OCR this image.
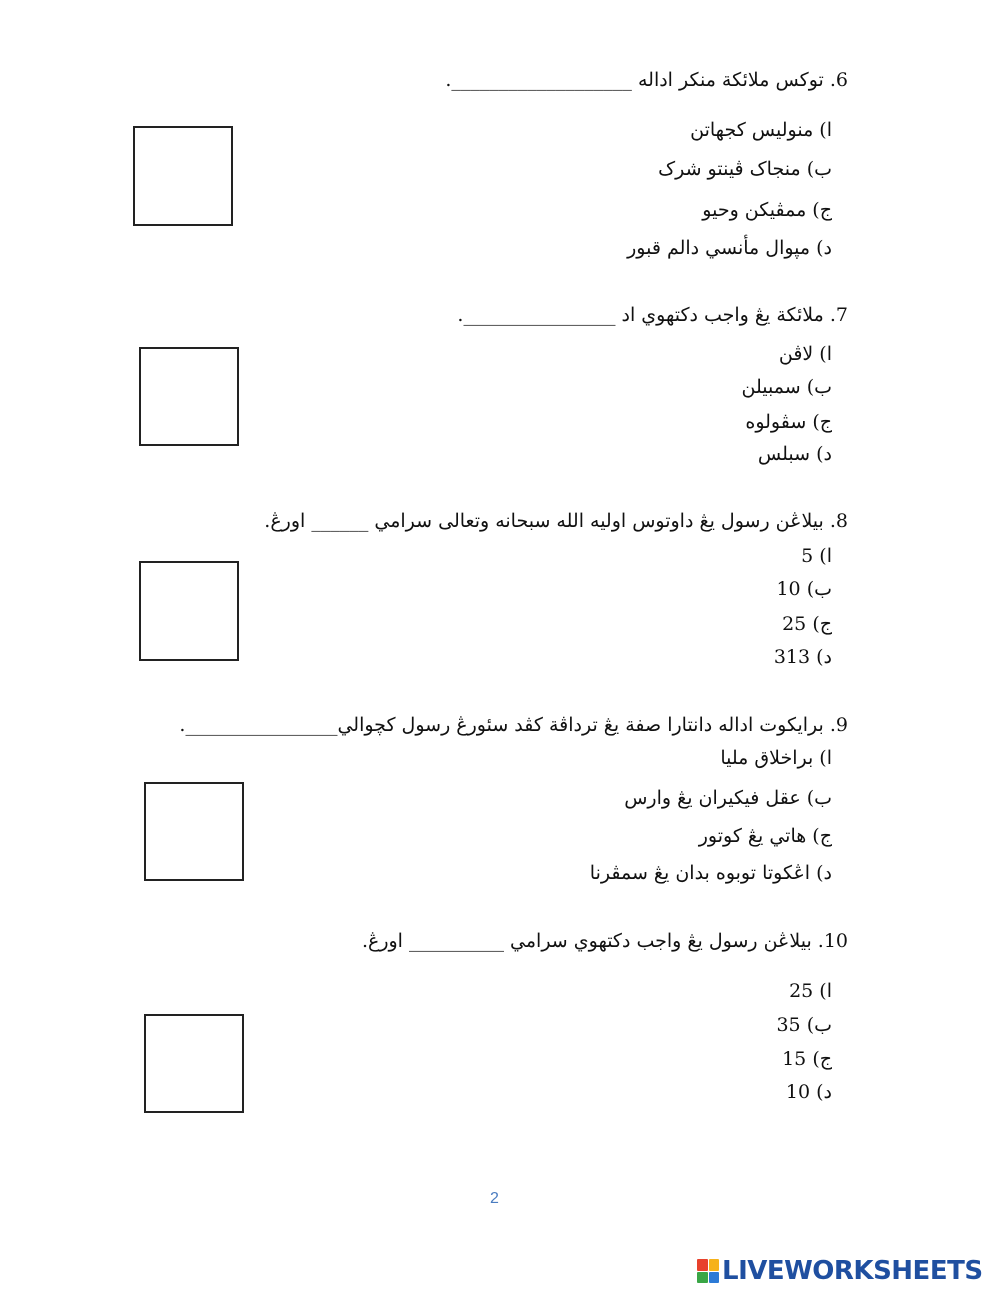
6. توکس ملائکة منکر اداله ___________________.
ا) منوليس کجهاتن
ب) منجاک ڤينتو شرک
ج) ممڤيکن وحيو
د) مڽوال مأنسي دالم قبور
7. ملائکة يڠ واجب دکتهوي اد ________________.
ا) لاڤن
ب) سمبيلن
ج) سڤولوه
د) سبلس
8. بيلاڠن رسول يڠ داوتوس اوليه الله سبحانه وتعالى سرامي ______ اورڠ.
ا) 5
ب) 10
ج) 25
د) 313
9. برايکوت اداله دانتارا صفة يڠ ترداڤة کڤد سئورڠ رسول کچوالي________________.
ا) براخلاق مليا
ب) عقل فيکيران يڠ وارس
ج) هاتي يڠ کوتور
د) اڠکوتا توبوه بدان يڠ سمڤرنا
10. بيلاڠن رسول يڠ واجب دکتهوي سرامي __________ اورڠ.
ا) 25
ب) 35
ج) 15
د) 10
2
LIVEWORKSHEETS
